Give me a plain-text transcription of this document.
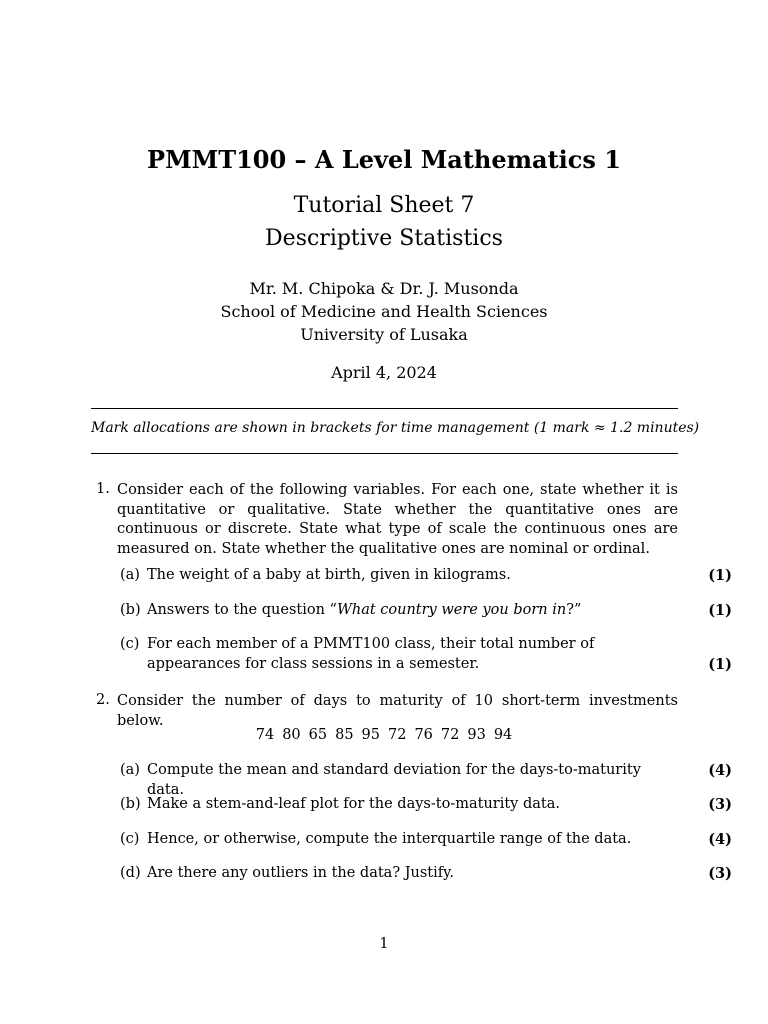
PMMT100 – A Level Mathematics 1
Tutorial Sheet 7
Descriptive Statistics
Mr. M. Chipoka & Dr. J. Musonda
School of Medicine and Health Sciences
University of Lusaka
April 4, 2024
Mark allocations are shown in brackets for time management (1 mark ≈ 1.2 minutes)
1. Consider each of the following variables. For each one, state whether it is quantitative or qualitative. State whether the quantitative ones are continuous or discrete. State what type of scale the continuous ones are measured on. State whether the qualitative ones are nominal or ordinal.
(a) The weight of a baby at birth, given in kilograms.	(1)
(b) Answers to the question “What country were you born in?”	(1)
(c) For each member of a PMMT100 class, their total number of appearances for class sessions in a semester.	(1)
2. Consider the number of days to maturity of 10 short-term investments below.
74 80 65 85 95 72 76 72 93 94
(a) Compute the mean and standard deviation for the days-to-maturity data.
(4)
(b) Make a stem-and-leaf plot for the days-to-maturity data.	(3)
(c) Hence, or otherwise, compute the interquartile range of the data.	(4)
(d) Are there any outliers in the data? Justify.	(3)
1
